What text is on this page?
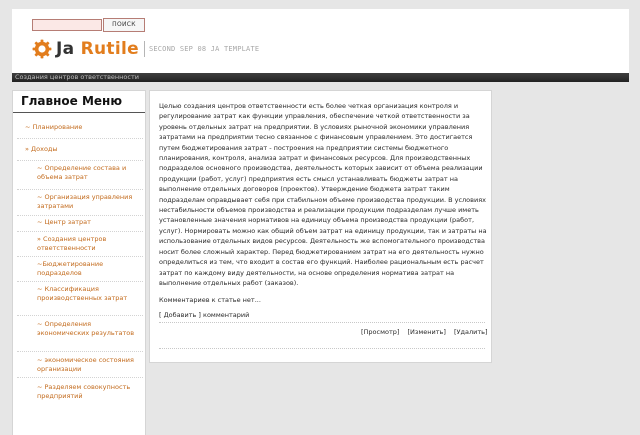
ПОИСК
Ja Rutile SECOND SEP 08 JA TEMPLATE
Создания центров ответственности
Главное Меню
~ Планирование
» Доходы
~ Определение состава и объема затрат
~ Организация управления затратами
~ Центр затрат
» Создания центров ответственности
~Бюджетирование подразделов
~ Классификация производственных затрат
~ Определения экономических результатов
~ экономическое состояния организации
~ Разделяем совокупность предприятий
Целью создания центров ответственности есть более четкая организация контроля и регулирование затрат как функции управления, обеспечение четкой ответственности за уровень отдельных затрат на предприятии. В условиях рыночной экономики управления затратами на предприятии тесно связанное с финансовым управлением. Это достигается путем бюджетирования затрат - построения на предприятии системы бюджетного планирования, контроля, анализа затрат и финансовых ресурсов. Для производственных подразделов основного производства, деятельность которых зависит от объема реализации продукции (работ, услуг) предприятия есть смысл устанавливать бюджеты затрат на выполнение отдельных договоров (проектов). Утверждение бюджета затрат таким подразделам оправдывает себя при стабильном объеме производства продукции. В условиях нестабильности объемов производства и реализации продукции подразделам лучше иметь установленные значения нормативов на единицу объема производства продукции (работ, услуг). Нормировать можно как общий объем затрат на единицу продукции, так и затраты на использование отдельных видов ресурсов. Деятельность же вспомогательного производства носит более сложный характер. Перед бюджетированием затрат на его деятельность нужно определиться из тем, что входит в состав его функций. Наиболее рациональным есть расчет затрат по каждому виду деятельности, на основе определения норматива затрат на выполнение отдельных работ (заказов).
Комментариев к статье нет...
[ Добавить ] комментарий
[Просмотр] [Изменить] [Удалить]
